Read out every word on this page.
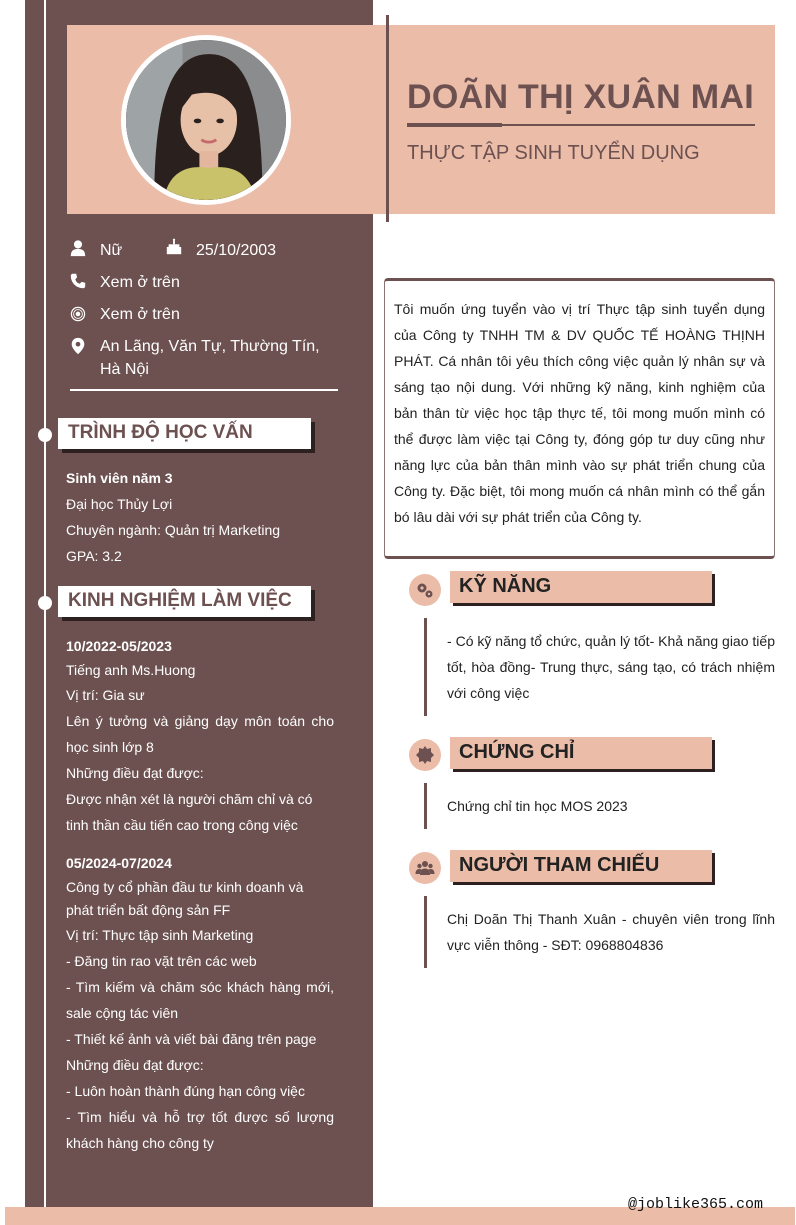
DOÃN THỊ XUÂN MAI
THỰC TẬP SINH TUYỂN DỤNG
Nữ	25/10/2003
Xem ở trên
Xem ở trên
An Lãng, Văn Tự, Thường Tín, Hà Nội
TRÌNH ĐỘ HỌC VẤN
Sinh viên năm 3
Đại học Thủy Lợi
Chuyên ngành: Quản trị Marketing
GPA: 3.2
KINH NGHIỆM LÀM VIỆC
10/2022-05/2023
Tiếng anh Ms.Huong
Vị trí: Gia sư
Lên ý tưởng và giảng dạy môn toán cho học sinh lớp 8
Những điều đạt được:
Được nhận xét là người chăm chỉ và có tinh thần cầu tiến cao trong công việc
05/2024-07/2024
Công ty cổ phần đầu tư kinh doanh và phát triển bất động sản FF
Vị trí: Thực tập sinh Marketing
- Đăng tin rao vặt trên các web
- Tìm kiếm và chăm sóc khách hàng mới, sale cộng tác viên
- Thiết kế ảnh và viết bài đăng trên page
Những điều đạt được:
- Luôn hoàn thành đúng hạn công việc
- Tìm hiểu và hỗ trợ tốt được số lượng khách hàng cho công ty
Tôi muốn ứng tuyển vào vị trí Thực tập sinh tuyển dụng của Công ty TNHH TM & DV QUỐC TẾ HOÀNG THỊNH PHÁT. Cá nhân tôi yêu thích công việc quản lý nhân sự và sáng tạo nội dung. Với những kỹ năng, kinh nghiệm của bản thân từ việc học tập thực tế, tôi mong muốn mình có thể được làm việc tại Công ty, đóng góp tư duy cũng như năng lực của bản thân mình vào sự phát triển chung của Công ty. Đặc biệt, tôi mong muốn cá nhân mình có thể gắn bó lâu dài với sự phát triển của Công ty.
KỸ NĂNG
- Có kỹ năng tổ chức, quản lý tốt- Khả năng giao tiếp tốt, hòa đồng- Trung thực, sáng tạo, có trách nhiệm với công việc
CHỨNG CHỈ
Chứng chỉ tin học MOS 2023
NGƯỜI THAM CHIẾU
Chị Doãn Thị Thanh Xuân - chuyên viên trong lĩnh vực viễn thông - SĐT: 0968804836
@joblike365.com
